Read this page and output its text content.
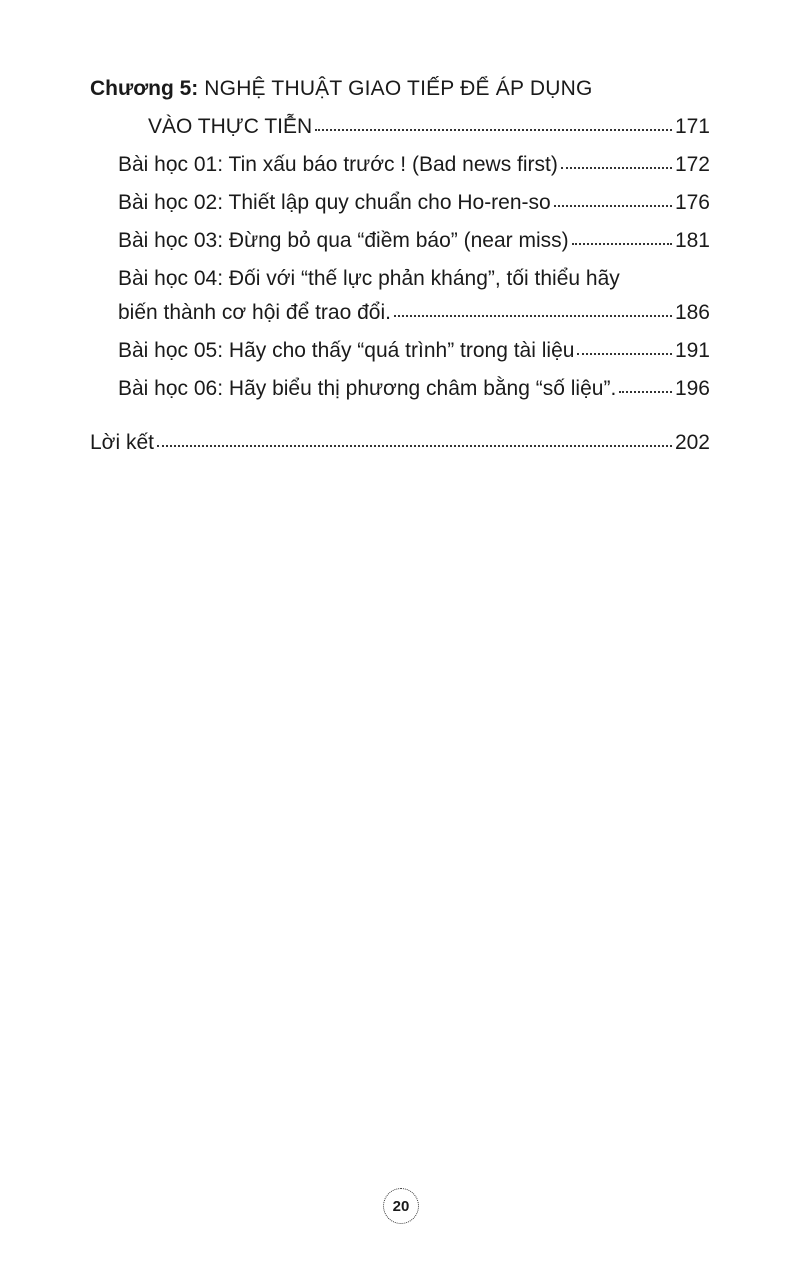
Chương 5: NGHỆ THUẬT GIAO TIẾP ĐỂ ÁP DỤNG
VÀO THỰC TIỄN	171
Bài học 01: Tin xấu báo trước ! (Bad news first)	172
Bài học 02: Thiết lập quy chuẩn cho Ho-ren-so	176
Bài học 03: Đừng bỏ qua “điềm báo” (near miss)	181
Bài học 04: Đối với “thế lực phản kháng”, tối thiểu hãy
biến thành cơ hội để trao đổi.	186
Bài học 05: Hãy cho thấy “quá trình” trong tài liệu	191
Bài học 06: Hãy biểu thị phương châm bằng “số liệu”.	196
Lời kết	202
20
